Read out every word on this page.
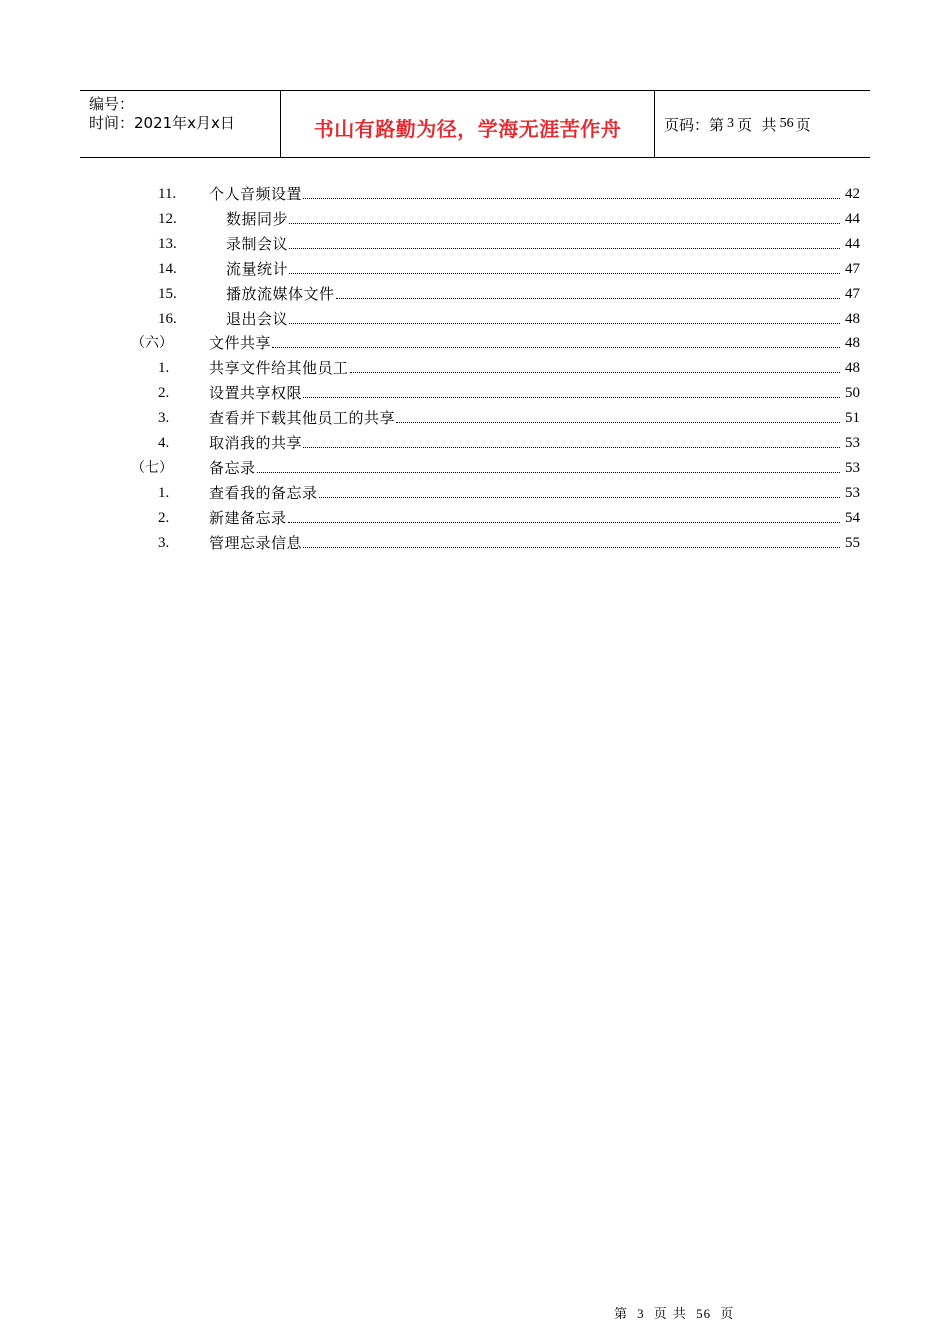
编号：
时间：2021年x月x日	书山有路勤为径，学海无涯苦作舟	页码：第 3 页  共 56 页
11. 个人音频设置	42
12.	数据同步	44
13.	录制会议	44
14.	流量统计	47
15.	播放流媒体文件	47
16.	退出会议	48
（六） 文件共享	48
1.	共享文件给其他员工	48
2.	设置共享权限	50
3.	查看并下载其他员工的共享	51
4.	取消我的共享	53
（七） 备忘录	53
1.	查看我的备忘录	53
2.	新建备忘录	54
3.	管理忘录信息	55
第 3 页 共 56 页
